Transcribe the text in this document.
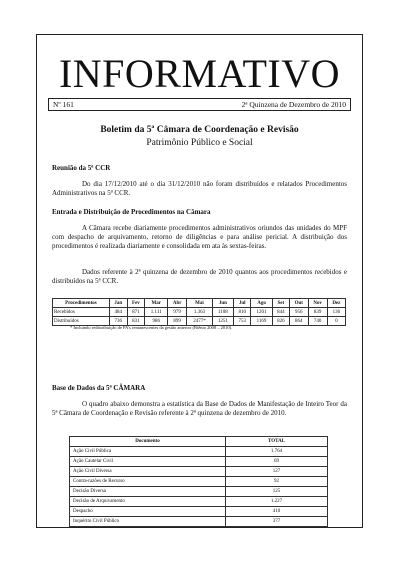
INFORMATIVO
Nº 161	2ª Quinzena de Dezembro de 2010
Boletim da 5ª Câmara de Coordenação e Revisão
Patrimônio Público e Social
Reunião da 5ª CCR

Do dia 17/12/2010 até o dia 31/12/2010 não foram distribuídos e relatados Procedimentos Administrativos na 5ª CCR.

Entrada e Distribuição de Procedimentos na Câmara

A Câmara recebe diariamente procedimentos administrativos oriundos das unidades do MPF com despacho de arquivamento, retorno de diligências e para análise pericial. A distribuição dos procedimentos é realizada diariamente e consolidada em ata às sextas-feiras.

Dados referente à 2ª quinzena de dezembro de 2010 quantos aos procedimentos recebidos e distribuídos na 5ª CCR.

Procedimentos	Jan	Fev	Mar	Abr	Mai	Jun	Jul	Ago	Set	Out	Nov	Dez
Recebidos	484	871	1.111	979	1.363	1108	810	1201	844	956	839	136
Distribuídos	736	831	986	899	2477*	1251	753	1169	826	864	740	0
* Incluindo redistribuição de PA's remanescentes da gestão anterior (Biênio 2008 – 2010).
Base de Dados da 5ª CÂMARA

O quadro abaixo demonstra a estatística da Base de Dados de Manifestação de Inteiro Teor da 5ª Câmara de Coordenação e Revisão referente à 2ª quinzena de dezembro de 2010.

Documento	TOTAL
Ação Civil Pública	1.764
Ação Cautelar Civil	69
Ação Civil Diversa	127
Contra-razões de Recurso	92
Decisão Diversa	125
Decisão de Arquivamento	1.227
Despacho	410
Inquérito Civil Público	377
